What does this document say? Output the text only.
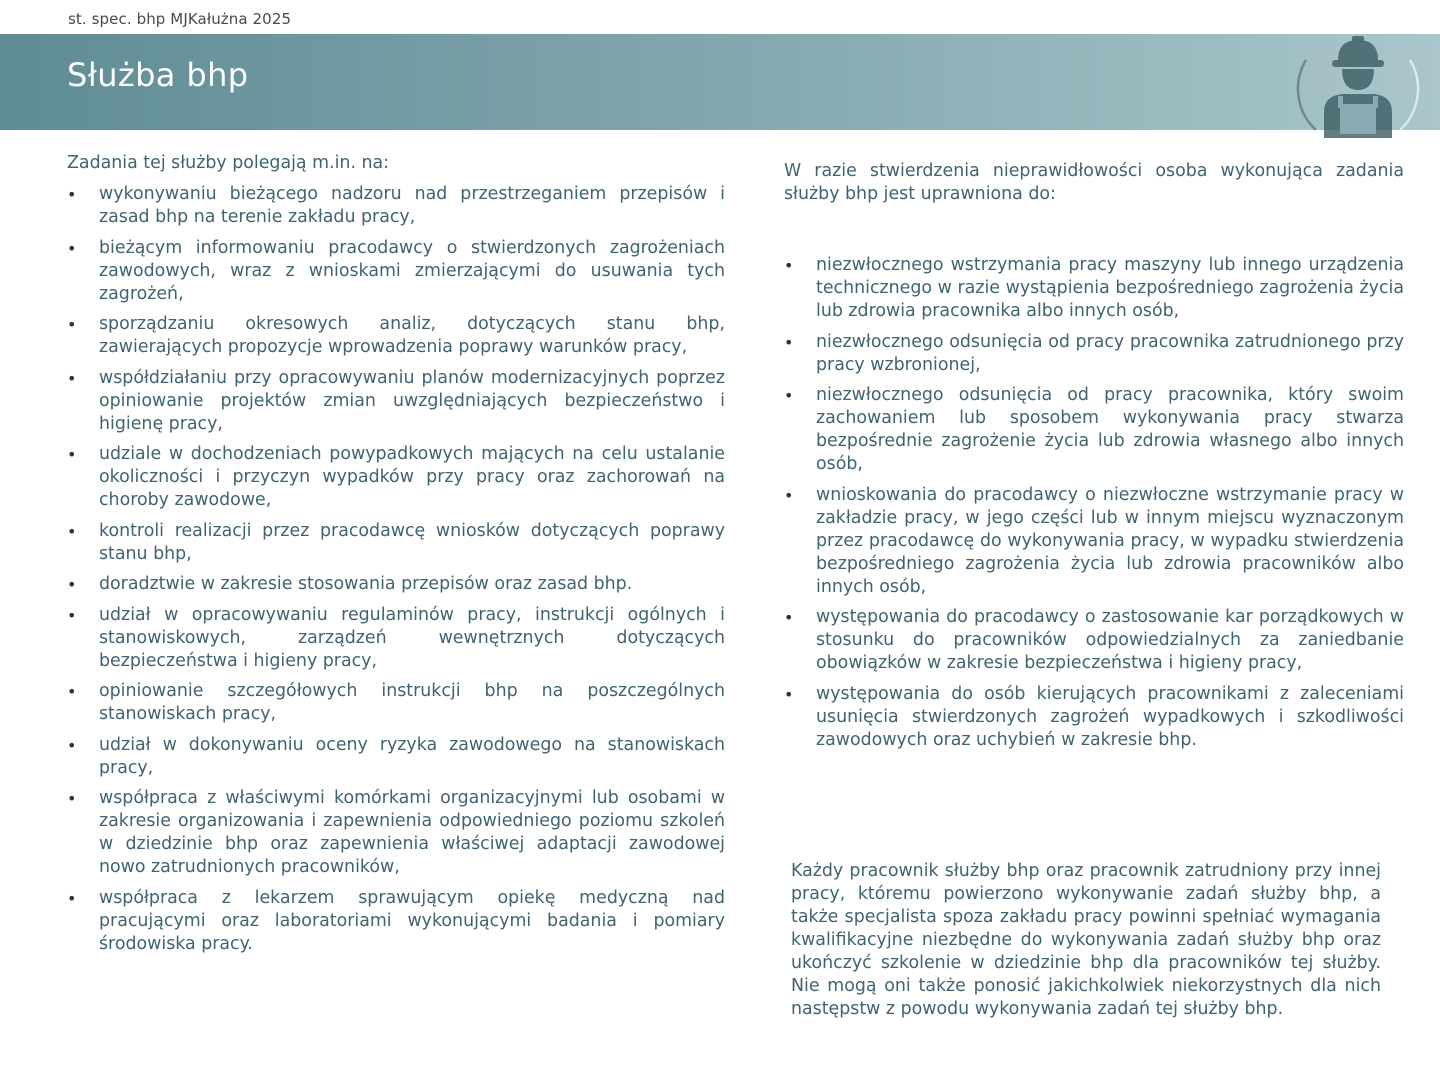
st. spec. bhp MJKałużna 2025
Służba bhp

Zadania tej służby polegają m.in. na:

• wykonywaniu bieżącego nadzoru nad przestrzeganiem przepisów i zasad bhp na terenie zakładu pracy,
• bieżącym informowaniu pracodawcy o stwierdzonych zagrożeniach zawodowych, wraz z wnioskami zmierzającymi do usuwania tych zagrożeń,
• sporządzaniu okresowych analiz, dotyczących stanu bhp, zawierających propozycje wprowadzenia poprawy warunków pracy,
• współdziałaniu przy opracowywaniu planów modernizacyjnych poprzez opiniowanie projektów zmian uwzględniających bezpieczeństwo i higienę pracy,
• udziale w dochodzeniach powypadkowych mających na celu ustalanie okoliczności i przyczyn wypadków przy pracy oraz zachorowań na choroby zawodowe,
• kontroli realizacji przez pracodawcę wniosków dotyczących poprawy stanu bhp,
• doradztwie w zakresie stosowania przepisów oraz zasad bhp.
• udział w opracowywaniu regulaminów pracy, instrukcji ogólnych i stanowiskowych, zarządzeń wewnętrznych dotyczących bezpieczeństwa i higieny pracy,
• opiniowanie szczegółowych instrukcji bhp na poszczególnych stanowiskach pracy,
• udział w dokonywaniu oceny ryzyka zawodowego na stanowiskach pracy,
• współpraca z właściwymi komórkami organizacyjnymi lub osobami w zakresie organizowania i zapewnienia odpowiedniego poziomu szkoleń w dziedzinie bhp oraz zapewnienia właściwej adaptacji zawodowej nowo zatrudnionych pracowników,
• współpraca z lekarzem sprawującym opiekę medyczną nad pracującymi oraz laboratoriami wykonującymi badania i pomiary środowiska pracy.

W razie stwierdzenia nieprawidłowości osoba wykonująca zadania służby bhp jest uprawniona do:

• niezwłocznego wstrzymania pracy maszyny lub innego urządzenia technicznego w razie wystąpienia bezpośredniego zagrożenia życia lub zdrowia pracownika albo innych osób,
• niezwłocznego odsunięcia od pracy pracownika zatrudnionego przy pracy wzbronionej,
• niezwłocznego odsunięcia od pracy pracownika, który swoim zachowaniem lub sposobem wykonywania pracy stwarza bezpośrednie zagrożenie życia lub zdrowia własnego albo innych osób,
• wnioskowania do pracodawcy o niezwłoczne wstrzymanie pracy w zakładzie pracy, w jego części lub w innym miejscu wyznaczonym przez pracodawcę do wykonywania pracy, w wypadku stwierdzenia bezpośredniego zagrożenia życia lub zdrowia pracowników albo innych osób,
• występowania do pracodawcy o zastosowanie kar porządkowych w stosunku do pracowników odpowiedzialnych za zaniedbanie obowiązków w zakresie bezpieczeństwa i higieny pracy,
• występowania do osób kierujących pracownikami z zaleceniami usunięcia stwierdzonych zagrożeń wypadkowych i szkodliwości zawodowych oraz uchybień w zakresie bhp.
Każdy pracownik służby bhp oraz pracownik zatrudniony przy innej pracy, któremu powierzono wykonywanie zadań służby bhp, a także specjalista spoza zakładu pracy powinni spełniać wymagania kwalifikacyjne niezbędne do wykonywania zadań służby bhp oraz ukończyć szkolenie w dziedzinie bhp dla pracowników tej służby. Nie mogą oni także ponosić jakichkolwiek niekorzystnych dla nich następstw z powodu wykonywania zadań tej służby bhp.
